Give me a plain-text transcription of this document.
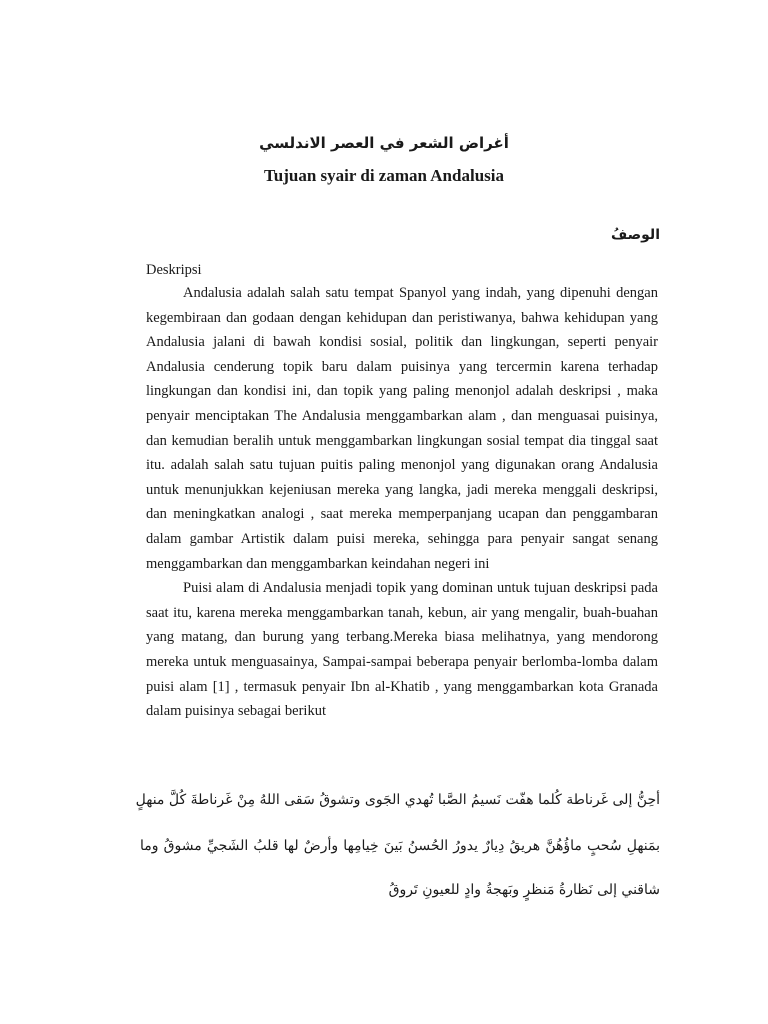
أغراض الشعر في العصر الاندلسي
Tujuan syair di zaman Andalusia
الوصفُ
Deskripsi

Andalusia adalah salah satu tempat Spanyol yang indah, yang dipenuhi dengan kegembiraan dan godaan dengan kehidupan dan peristiwanya, bahwa kehidupan yang Andalusia jalani di bawah kondisi sosial, politik dan lingkungan, seperti penyair Andalusia cenderung topik baru dalam puisinya yang tercermin karena terhadap lingkungan dan kondisi ini, dan topik yang paling menonjol adalah deskripsi , maka penyair menciptakan The Andalusia menggambarkan alam , dan menguasai puisinya, dan kemudian beralih untuk menggambarkan lingkungan sosial tempat dia tinggal saat itu. adalah salah satu tujuan puitis paling menonjol yang digunakan orang Andalusia untuk menunjukkan kejeniusan mereka yang langka, jadi mereka menggali deskripsi, dan meningkatkan analogi , saat mereka memperpanjang ucapan dan penggambaran dalam gambar Artistik dalam puisi mereka, sehingga para penyair sangat senang menggambarkan dan menggambarkan keindahan negeri ini

Puisi alam di Andalusia menjadi topik yang dominan untuk tujuan deskripsi pada saat itu, karena mereka menggambarkan tanah, kebun, air yang mengalir, buah-buahan yang matang, dan burung yang terbang.Mereka biasa melihatnya, yang mendorong mereka untuk menguasainya, Sampai-sampai beberapa penyair berlomba-lomba dalam puisi alam [1] , termasuk penyair Ibn al-Khatib , yang menggambarkan kota Granada dalam puisinya sebagai berikut

أحِنُّ إلى غَرناطة كُلما هفّت نَسيمُ الصَّبا تُهدي الجَوى وتشوقُ سَقى اللهُ مِنْ غَرناطةَ كُلَّ منهلٍ
بمَنهلِ سُحبٍ ماؤُهُنَّ هريقُ دِيارٌ يدورُ الحُسنُ بَينَ خِيامِها وأرضٌ لها قلبُ الشَجيِّ مشوقُ وما
شاقني إلى نَظارةُ مَنظرٍ وبَهجةُ وادٍ للعيونِ تَروقُ
